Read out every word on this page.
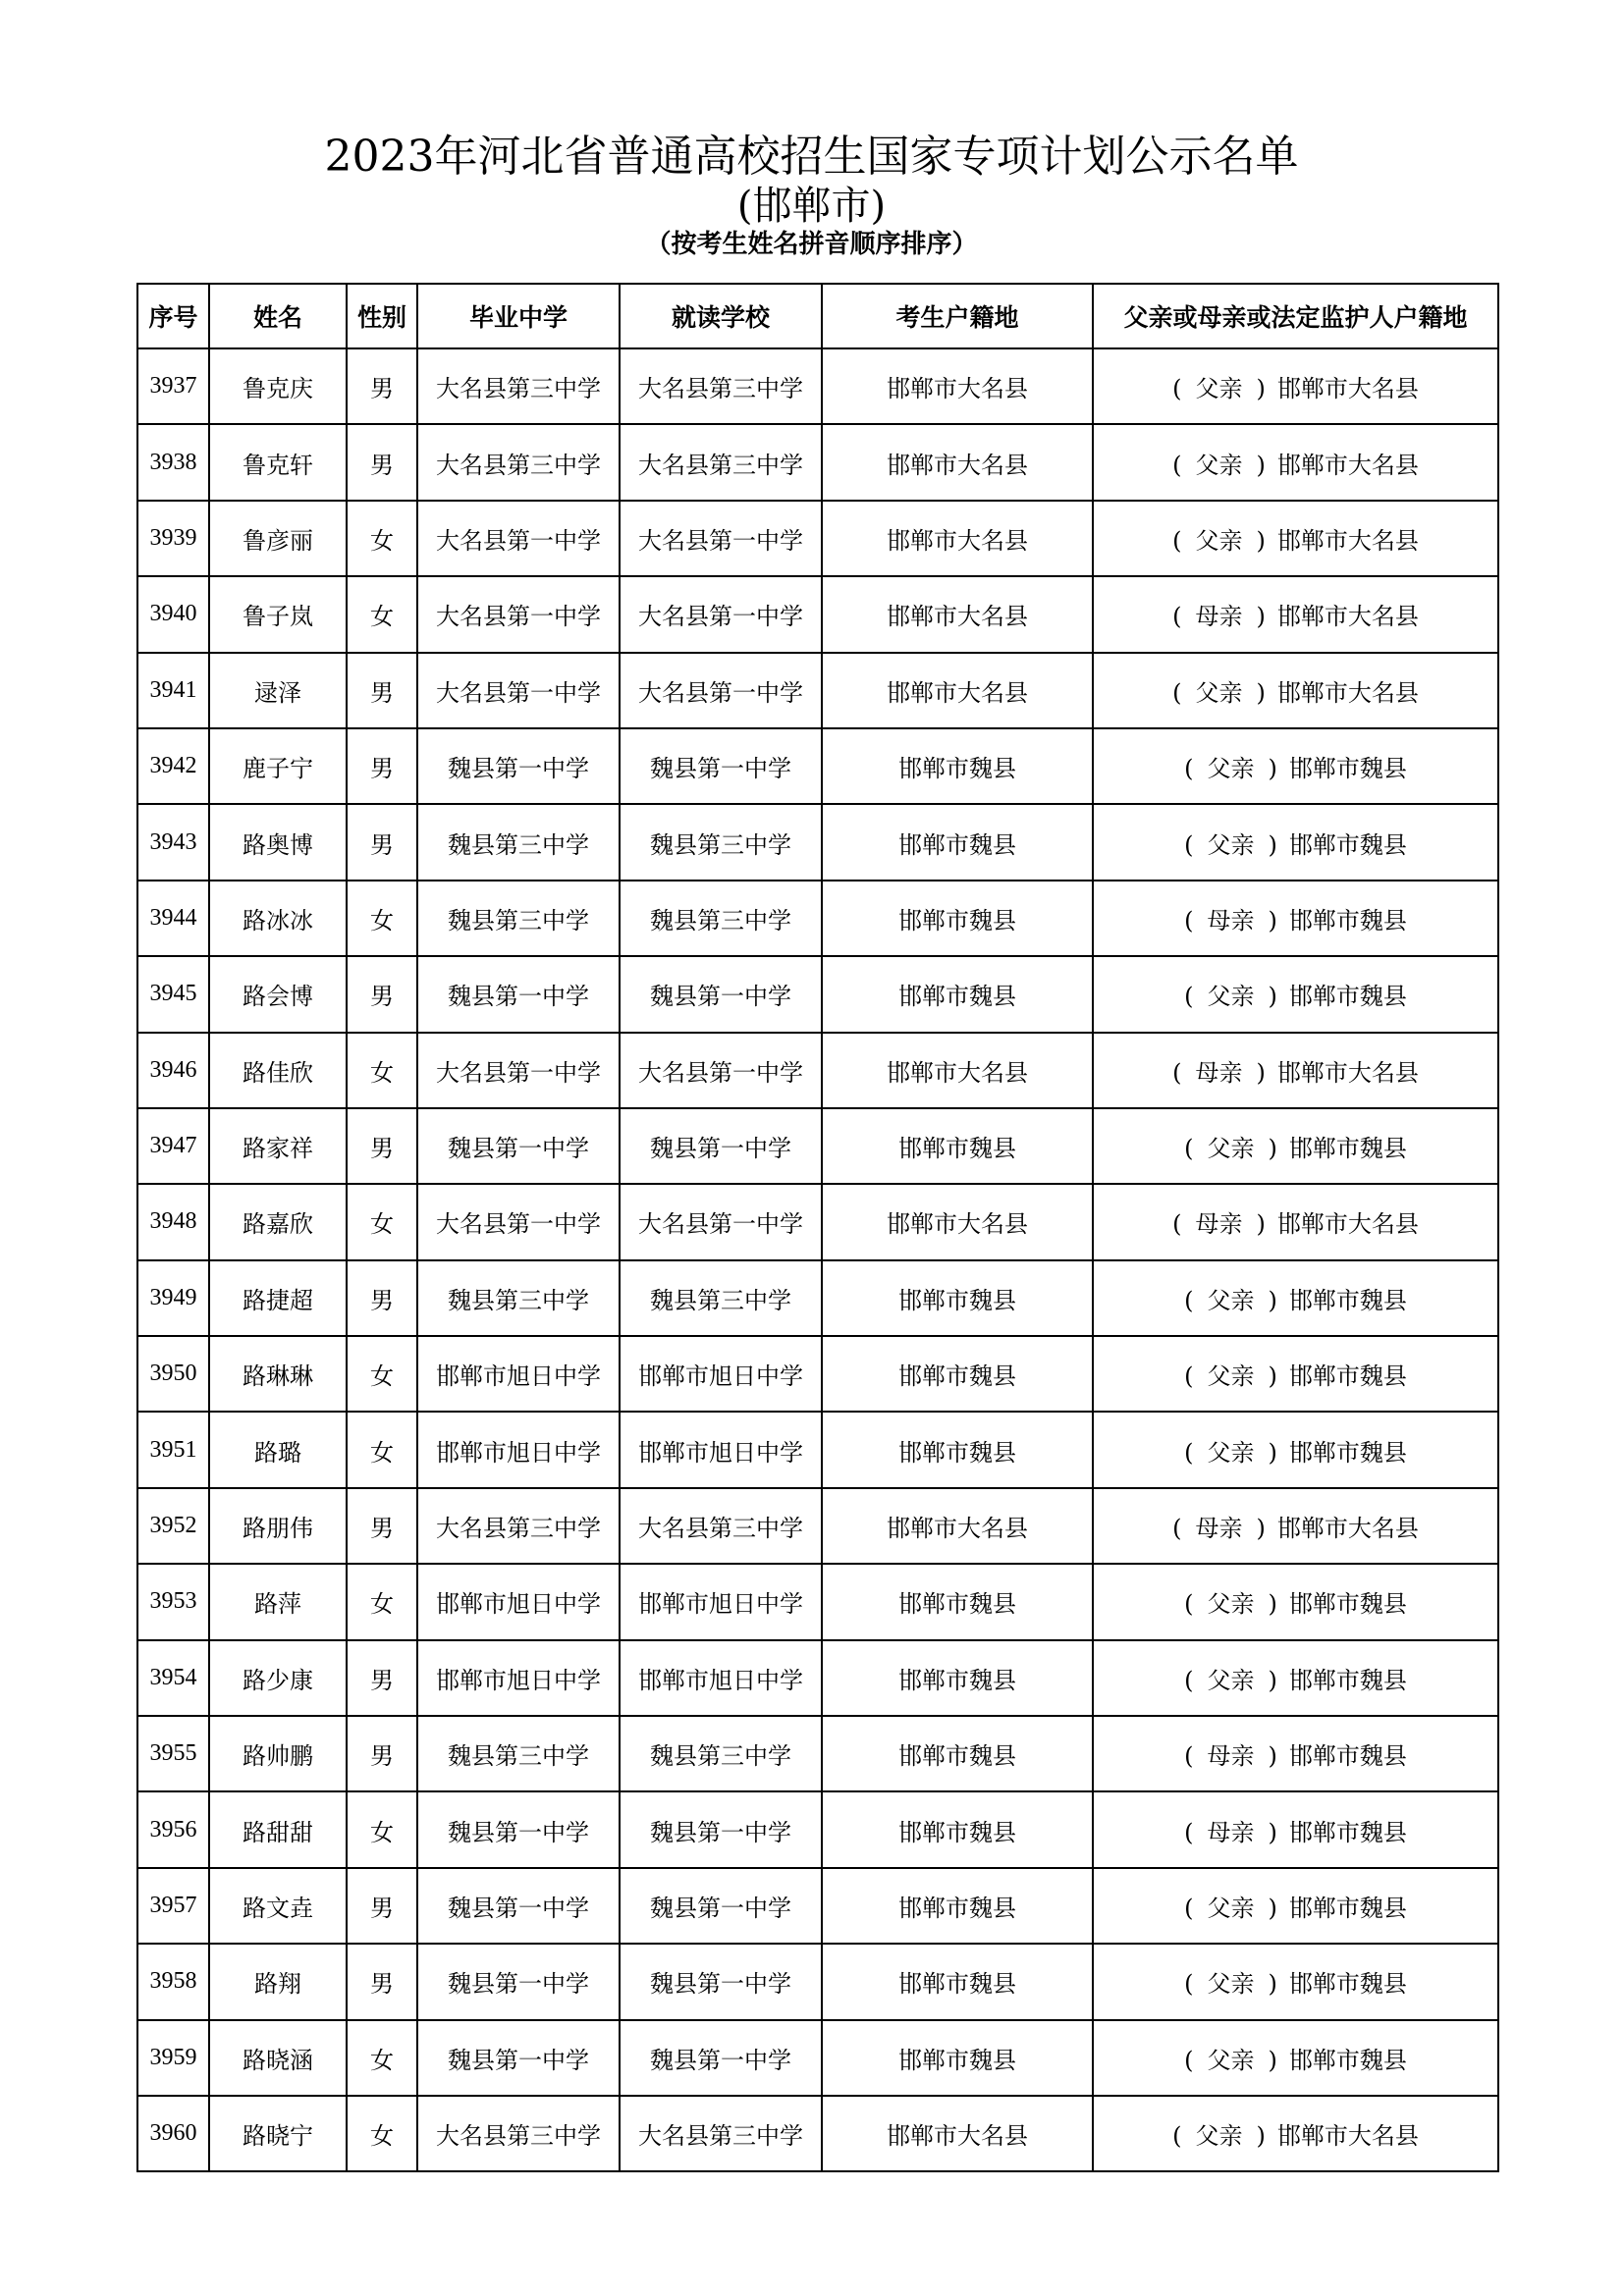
2023年河北省普通高校招生国家专项计划公示名单
(邯郸市)
（按考生姓名拼音顺序排序）
序号	姓名	性别	毕业中学	就读学校	考生户籍地	父亲或母亲或法定监护人户籍地
3937	鲁克庆	男	大名县第三中学	大名县第三中学	邯郸市大名县	( 父亲 ) 邯郸市大名县
3938	鲁克轩	男	大名县第三中学	大名县第三中学	邯郸市大名县	( 父亲 ) 邯郸市大名县
3939	鲁彦丽	女	大名县第一中学	大名县第一中学	邯郸市大名县	( 父亲 ) 邯郸市大名县
3940	鲁子岚	女	大名县第一中学	大名县第一中学	邯郸市大名县	( 母亲 ) 邯郸市大名县
3941	逯泽	男	大名县第一中学	大名县第一中学	邯郸市大名县	( 父亲 ) 邯郸市大名县
3942	鹿子宁	男	魏县第一中学	魏县第一中学	邯郸市魏县	( 父亲 ) 邯郸市魏县
3943	路奥博	男	魏县第三中学	魏县第三中学	邯郸市魏县	( 父亲 ) 邯郸市魏县
3944	路冰冰	女	魏县第三中学	魏县第三中学	邯郸市魏县	( 母亲 ) 邯郸市魏县
3945	路会博	男	魏县第一中学	魏县第一中学	邯郸市魏县	( 父亲 ) 邯郸市魏县
3946	路佳欣	女	大名县第一中学	大名县第一中学	邯郸市大名县	( 母亲 ) 邯郸市大名县
3947	路家祥	男	魏县第一中学	魏县第一中学	邯郸市魏县	( 父亲 ) 邯郸市魏县
3948	路嘉欣	女	大名县第一中学	大名县第一中学	邯郸市大名县	( 母亲 ) 邯郸市大名县
3949	路捷超	男	魏县第三中学	魏县第三中学	邯郸市魏县	( 父亲 ) 邯郸市魏县
3950	路琳琳	女	邯郸市旭日中学	邯郸市旭日中学	邯郸市魏县	( 父亲 ) 邯郸市魏县
3951	路璐	女	邯郸市旭日中学	邯郸市旭日中学	邯郸市魏县	( 父亲 ) 邯郸市魏县
3952	路朋伟	男	大名县第三中学	大名县第三中学	邯郸市大名县	( 母亲 ) 邯郸市大名县
3953	路萍	女	邯郸市旭日中学	邯郸市旭日中学	邯郸市魏县	( 父亲 ) 邯郸市魏县
3954	路少康	男	邯郸市旭日中学	邯郸市旭日中学	邯郸市魏县	( 父亲 ) 邯郸市魏县
3955	路帅鹏	男	魏县第三中学	魏县第三中学	邯郸市魏县	( 母亲 ) 邯郸市魏县
3956	路甜甜	女	魏县第一中学	魏县第一中学	邯郸市魏县	( 母亲 ) 邯郸市魏县
3957	路文垚	男	魏县第一中学	魏县第一中学	邯郸市魏县	( 父亲 ) 邯郸市魏县
3958	路翔	男	魏县第一中学	魏县第一中学	邯郸市魏县	( 父亲 ) 邯郸市魏县
3959	路晓涵	女	魏县第一中学	魏县第一中学	邯郸市魏县	( 父亲 ) 邯郸市魏县
3960	路晓宁	女	大名县第三中学	大名县第三中学	邯郸市大名县	( 父亲 ) 邯郸市大名县
